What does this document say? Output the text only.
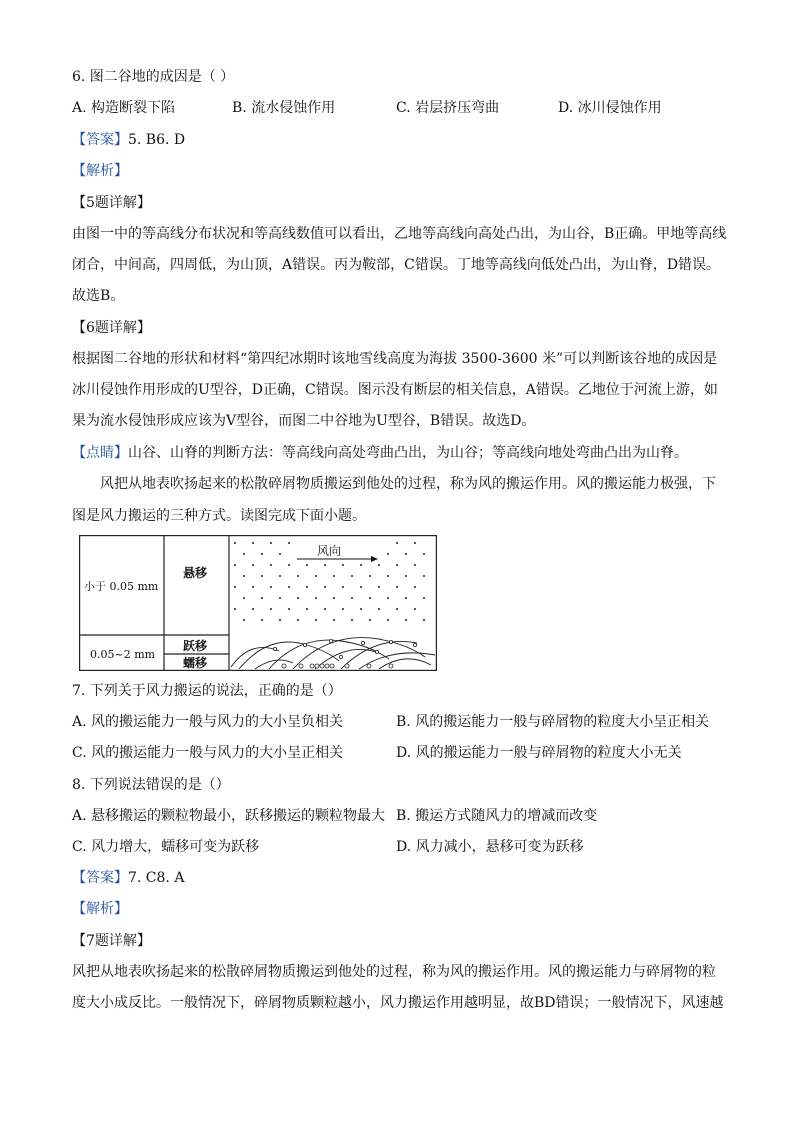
6. 图二谷地的成因是（ ）
A. 构造断裂下陷	B. 流水侵蚀作用	C. 岩层挤压弯曲	D. 冰川侵蚀作用
【答案】5. B6. D
【解析】
【5题详解】
由图一中的等高线分布状况和等高线数值可以看出，乙地等高线向高处凸出，为山谷，B正确。甲地等高线
闭合，中间高，四周低，为山顶，A错误。丙为鞍部，C错误。丁地等高线向低处凸出，为山脊，D错误。
故选B。
【6题详解】
根据图二谷地的形状和材料“第四纪冰期时该地雪线高度为海拔 3500-3600 米”可以判断该谷地的成因是
冰川侵蚀作用形成的U型谷，D正确，C错误。图示没有断层的相关信息，A错误。乙地位于河流上游，如
果为流水侵蚀形成应该为V型谷，而图二中谷地为U型谷，B错误。故选D。
【点睛】山谷、山脊的判断方法：等高线向高处弯曲凸出，为山谷；等高线向地处弯曲凸出为山脊。
风把从地表吹扬起来的松散碎屑物质搬运到他处的过程，称为风的搬运作用。风的搬运能力极强，下
图是风力搬运的三种方式。读图完成下面小题。
小于 0.05 mm
悬移
0.05~2 mm
跃移
蠕移
风向
7. 下列关于风力搬运的说法，正确的是（）
A. 风的搬运能力一般与风力的大小呈负相关	B. 风的搬运能力一般与碎屑物的粒度大小呈正相关
C. 风的搬运能力一般与风力的大小呈正相关	D. 风的搬运能力一般与碎屑物的粒度大小无关
8. 下列说法错误的是（）
A. 悬移搬运的颗粒物最小，跃移搬运的颗粒物最大 B. 搬运方式随风力的增减而改变
C. 风力增大，蠕移可变为跃移	D. 风力减小，悬移可变为跃移
【答案】7. C8. A
【解析】
【7题详解】
风把从地表吹扬起来的松散碎屑物质搬运到他处的过程，称为风的搬运作用。风的搬运能力与碎屑物的粒
度大小成反比。一般情况下，碎屑物质颗粒越小，风力搬运作用越明显，故BD错误；一般情况下，风速越
